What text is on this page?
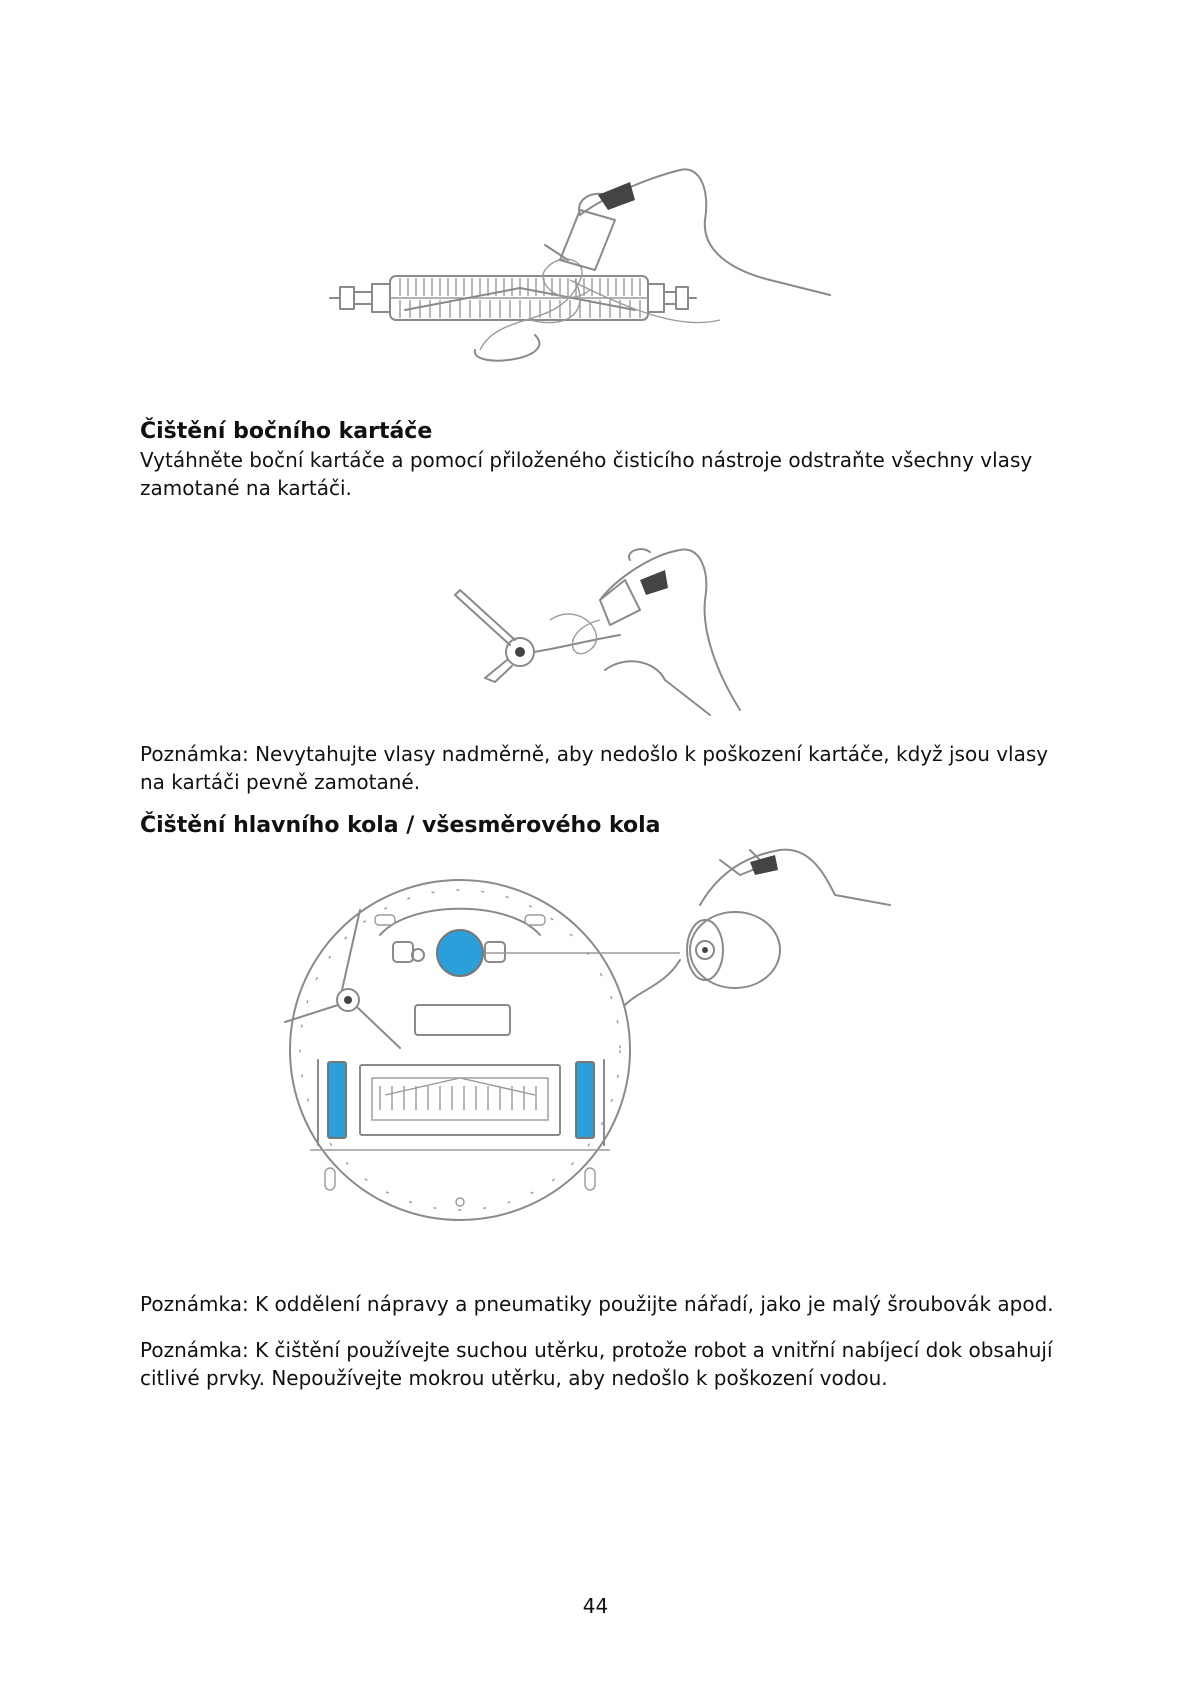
Čištění bočního kartáče

Vytáhněte boční kartáče a pomocí přiloženého čisticího nástroje odstraňte všechny vlasy zamotané na kartáči.

Poznámka: Nevytahujte vlasy nadměrně, aby nedošlo k poškození kartáče, když jsou vlasy na kartáči pevně zamotané.

Čištění hlavního kola / všesměrového kola

Poznámka: K oddělení nápravy a pneumatiky použijte nářadí, jako je malý šroubovák apod.

Poznámka: K čištění používejte suchou utěrku, protože robot a vnitřní nabíjecí dok obsahují citlivé prvky. Nepoužívejte mokrou utěrku, aby nedošlo k poškození vodou.

44
